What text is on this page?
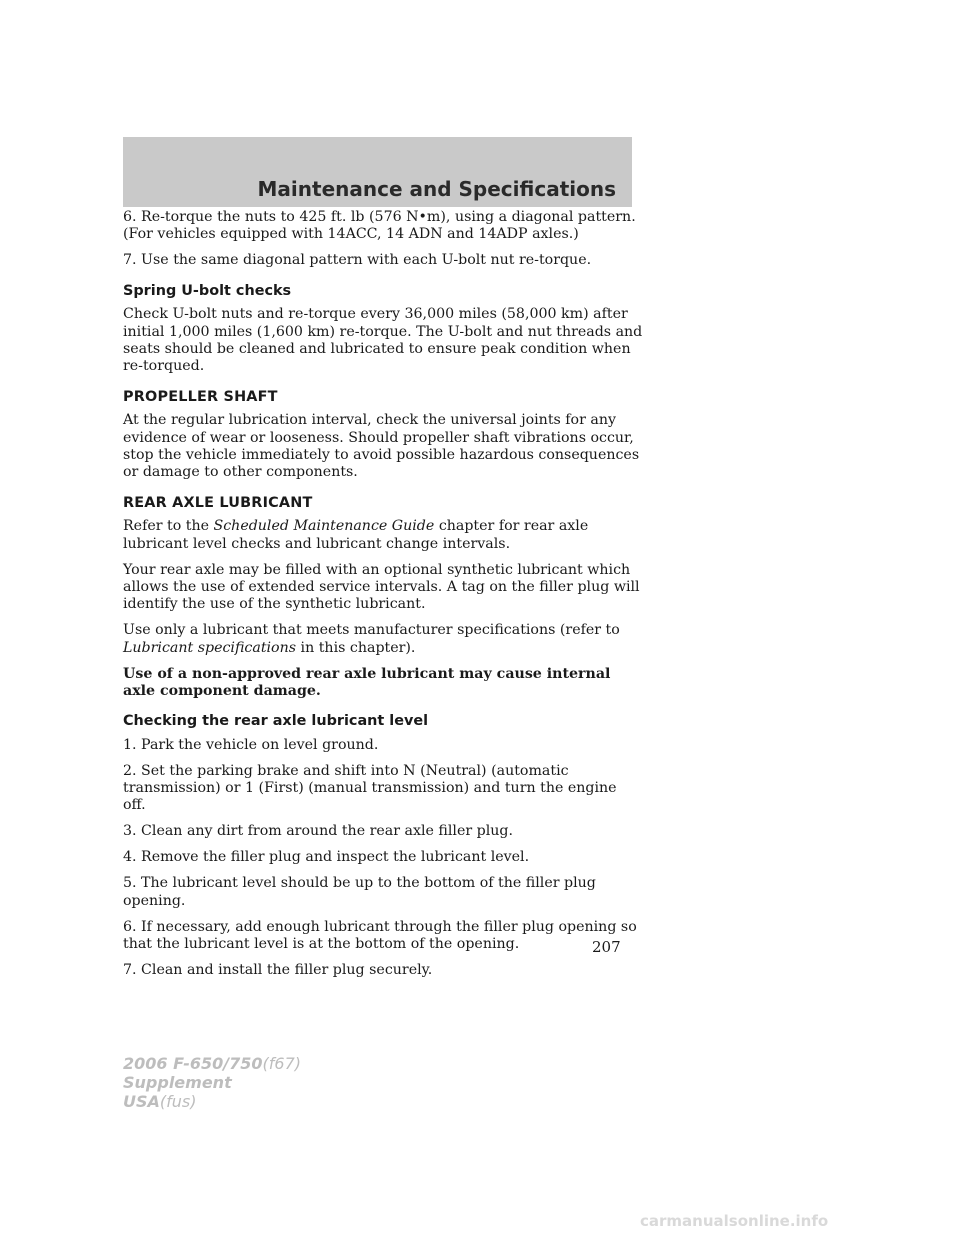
Maintenance and Specifications

6. Re-torque the nuts to 425 ft. lb (576 N•m), using a diagonal pattern. (For vehicles equipped with 14ACC, 14 ADN and 14ADP axles.)

7. Use the same diagonal pattern with each U-bolt nut re-torque.

Spring U-bolt checks

Check U-bolt nuts and re-torque every 36,000 miles (58,000 km) after initial 1,000 miles (1,600 km) re-torque. The U-bolt and nut threads and seats should be cleaned and lubricated to ensure peak condition when re-torqued.

PROPELLER SHAFT

At the regular lubrication interval, check the universal joints for any evidence of wear or looseness. Should propeller shaft vibrations occur, stop the vehicle immediately to avoid possible hazardous consequences or damage to other components.

REAR AXLE LUBRICANT

Refer to the Scheduled Maintenance Guide chapter for rear axle lubricant level checks and lubricant change intervals.

Your rear axle may be filled with an optional synthetic lubricant which allows the use of extended service intervals. A tag on the filler plug will identify the use of the synthetic lubricant.

Use only a lubricant that meets manufacturer specifications (refer to Lubricant specifications in this chapter).

Use of a non-approved rear axle lubricant may cause internal axle component damage.

Checking the rear axle lubricant level

1. Park the vehicle on level ground.

2. Set the parking brake and shift into N (Neutral) (automatic transmission) or 1 (First) (manual transmission) and turn the engine off.

3. Clean any dirt from around the rear axle filler plug.

4. Remove the filler plug and inspect the lubricant level.

5. The lubricant level should be up to the bottom of the filler plug opening.

6. If necessary, add enough lubricant through the filler plug opening so that the lubricant level is at the bottom of the opening.

7. Clean and install the filler plug securely.

207
2006 F-650/750(f67)
Supplement
USA(fus)
carmanualsonline.info
